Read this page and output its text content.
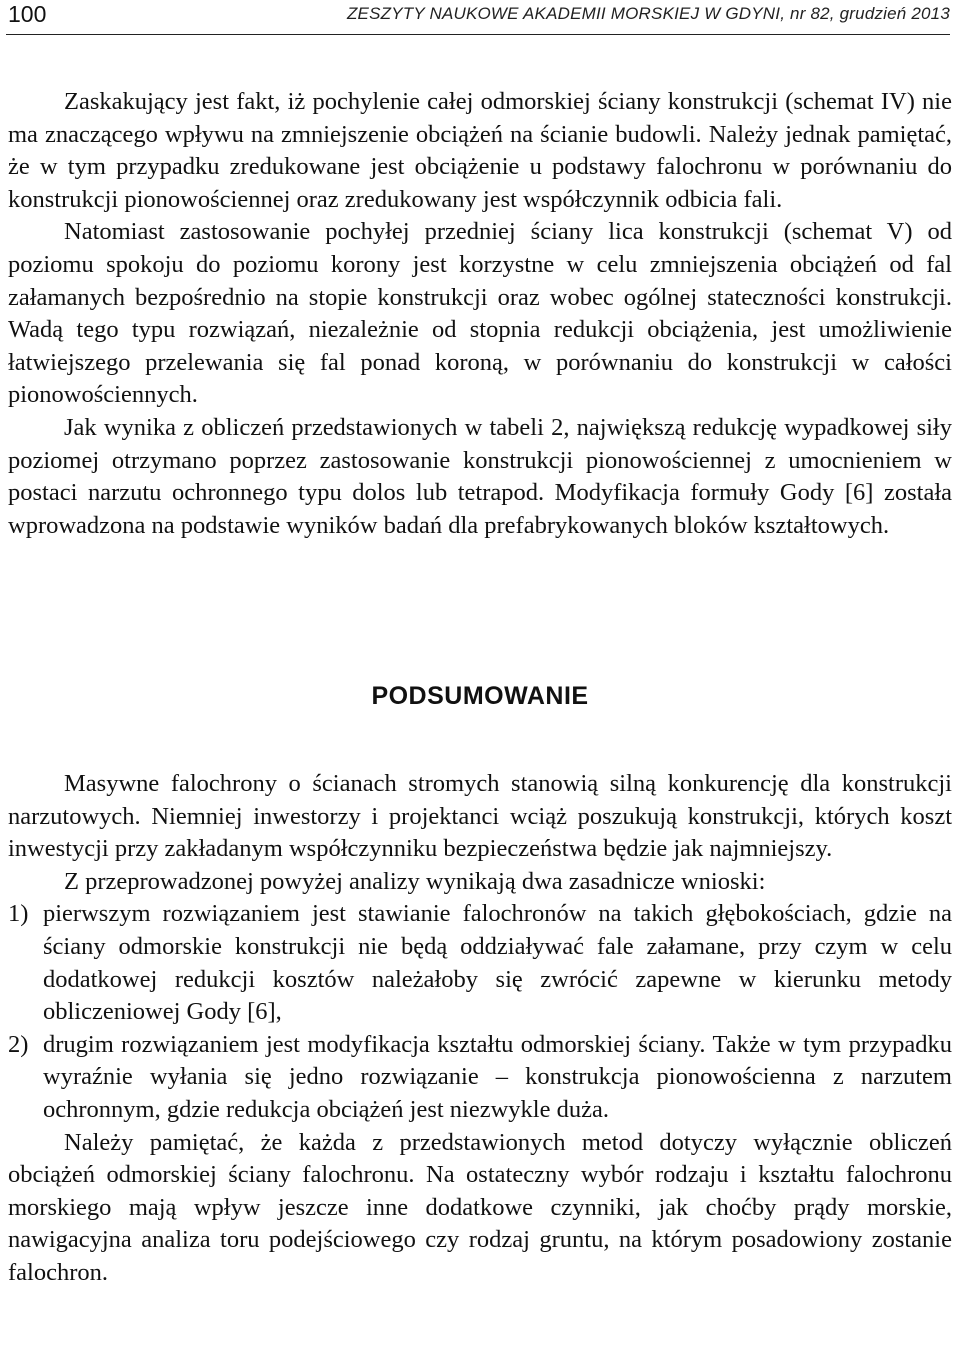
100	ZESZYTY NAUKOWE AKADEMII MORSKIEJ W GDYNI, nr 82, grudzień 2013

Zaskakujący jest fakt, iż pochylenie całej odmorskiej ściany konstrukcji (schemat IV) nie ma znaczącego wpływu na zmniejszenie obciążeń na ścianie budowli. Należy jednak pamiętać, że w tym przypadku zredukowane jest obciążenie u podstawy falochronu w porównaniu do konstrukcji pionowościennej oraz zredukowany jest współczynnik odbicia fali.

Natomiast zastosowanie pochyłej przedniej ściany lica konstrukcji (schemat V) od poziomu spokoju do poziomu korony jest korzystne w celu zmniejszenia obciążeń od fal załamanych bezpośrednio na stopie konstrukcji oraz wobec ogólnej stateczności konstrukcji. Wadą tego typu rozwiązań, niezależnie od stopnia redukcji obciążenia, jest umożliwienie łatwiejszego przelewania się fal ponad koroną, w porównaniu do konstrukcji w całości pionowościennych.

Jak wynika z obliczeń przedstawionych w tabeli 2, największą redukcję wypadkowej siły poziomej otrzymano poprzez zastosowanie konstrukcji pionowościennej z umocnieniem w postaci narzutu ochronnego typu dolos lub tetrapod. Modyfikacja formuły Gody [6] została wprowadzona na podstawie wyników badań dla prefabrykowanych bloków kształtowych.

PODSUMOWANIE

Masywne falochrony o ścianach stromych stanowią silną konkurencję dla konstrukcji narzutowych. Niemniej inwestorzy i projektanci wciąż poszukują konstrukcji, których koszt inwestycji przy zakładanym współczynniku bezpieczeństwa będzie jak najmniejszy.

Z przeprowadzonej powyżej analizy wynikają dwa zasadnicze wnioski:

1) pierwszym rozwiązaniem jest stawianie falochronów na takich głębokościach, gdzie na ściany odmorskie konstrukcji nie będą oddziaływać fale załamane, przy czym w celu dodatkowej redukcji kosztów należałoby się zwrócić zapewne w kierunku metody obliczeniowej Gody [6],
2) drugim rozwiązaniem jest modyfikacja kształtu odmorskiej ściany. Także w tym przypadku wyraźnie wyłania się jedno rozwiązanie – konstrukcja pionowościenna z narzutem ochronnym, gdzie redukcja obciążeń jest niezwykle duża.

Należy pamiętać, że każda z przedstawionych metod dotyczy wyłącznie obliczeń obciążeń odmorskiej ściany falochronu. Na ostateczny wybór rodzaju i kształtu falochronu morskiego mają wpływ jeszcze inne dodatkowe czynniki, jak choćby prądy morskie, nawigacyjna analiza toru podejściowego czy rodzaj gruntu, na którym posadowiony zostanie falochron.
